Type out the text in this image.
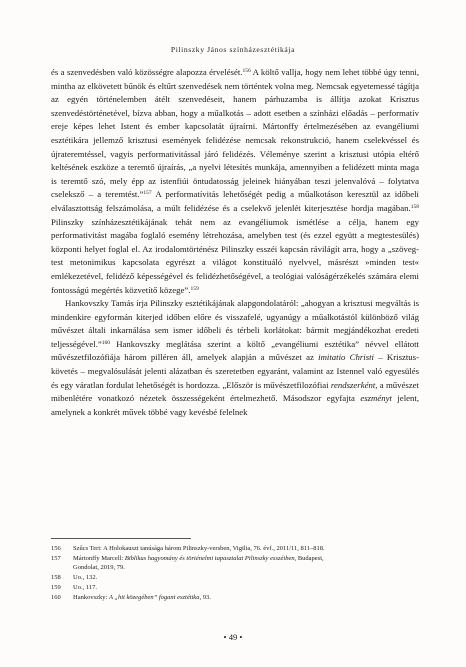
Pilinszky János színházesztétikája

és a szenvedésben való közösségre alapozza érvelését.$^{156}$ A költő vallja, hogy nem lehet többé úgy tenni, mintha az elkövetett bűnök és eltűrt szenvedések nem történtek volna meg. Nemcsak egyetemessé tágítja az egyén történelemben átélt szenvedéseit, hanem párhuzamba is állítja azokat Krisztus szenvedéstörténetével, bízva abban, hogy a műalkotás – adott esetben a színházi előadás – performatív ereje képes lehet Istent és ember kapcsolatát újraírni. Mártonffy értelmezésében az evangéliumi esztétikára jellemző krisztusi események felidézése nemcsak rekonstrukció, hanem cselekvéssel és újrateremtéssel, vagyis performativitással járó felidézés. Véleménye szerint a krisztusi utópia eltérő keltésének eszköze a teremtő újraírás, „a nyelvi létesítés munkája, amennyiben a felidézett minta maga is teremtő szó, mely épp az istenfiúi öntudatosság jeleinek hiányában teszi jelenvalóvá – folytatva cseleksző – a teremtést.”$^{157}$ A performatívitás lehetőségét pedig a műalkotáson keresztül az időbeli elválasztottság felszámolása, a múlt felidézése és a cselekvő jelenlét kiterjesztése hordja magában.$^{158}$ Pilinszky színházesztétikájának tehát nem az evangéliumok ismétlése a célja, hanem egy performativitást magába foglaló esemény létrehozása, amelyben test (és ezzel együtt a megtestesülés) központi helyet foglal el. Az irodalomtörténész Pilinszky esszéi kapcsán rávilágít arra, hogy a „szöveg-test metonimikus kapcsolata egyrészt a világot konstituáló nyelvvel, másrészt »minden test« emlékezetével, felidéző képességével és felidézhetőségével, a teológiai valóságérzékelés számára elemi fontosságú megértés közvetítő közege”.$^{159}$

Hankovszky Tamás írja Pilinszky esztétikájának alapgondolatáról: „ahogyan a krisztusi megváltás is mindenkire egyformán kiterjed időben előre és visszafelé, ugyanúgy a műalkotástól különböző világ művészet általi inkarnálása sem ismer időbeli és térbeli korlátokat: bármit megjándékozhat eredeti teljességével.”$^{160}$ Hankovszky meglátása szerint a költő „evangéliumi esztétika” névvel ellátott művészetfilozófiája három pilléren áll, amelyek alapján a művészet az imitatio Christi – Krisztus-követés – megvalósulását jelenti alázatban és szeretetben egyaránt, valamint az Istennel való egyesülés és egy váratlan fordulat lehetőségét is hordozza. „Először is művészetfilozófiai rendszerként, a művészet mibenlétére vonatkozó nézetek összességeként értelmezhető. Másodszor egyfajta eszményt jelent, amelynek a konkrét művek többé vagy kevésbé felelnek

156	Szűcs Teri: A Holokauszt tanúsága három Pilinszky-versben, Vigilia, 76. évf., 2011/11, 811–818.
157	Mártonffy Marcell: Biblikus hagyomány és történelmi tapasztalat Pilinszky esszéiben, Budapest,
Gondolat, 2019, 79.
158	Uo., 132.
159	Uo., 117.
160	Hankovszky: A „hit közegében” fogant esztétika, 93.
• 49 •
